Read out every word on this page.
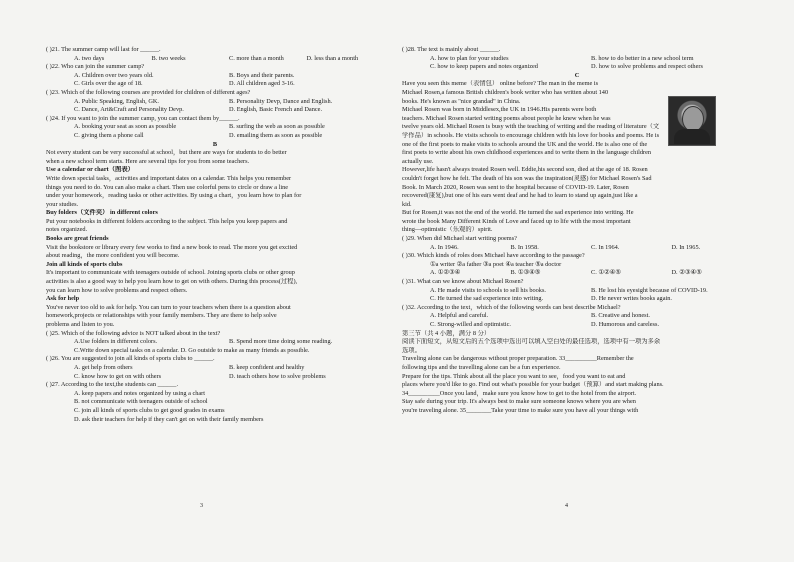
( )21. The summer camp will last for ______.
A. two days	B. two weeks	C. more than a month	D. less than a month
( )22. Who can join the summer camp?
A. Children over two years old.	B. Boys and their parents.
C. Girls over the age of 18.	D. All children aged 3-16.
( )23. Which of the following courses are provided for children of different ages?
A. Public Speaking, English, GK.	B. Personality Devp, Dance and English.
C. Dance, Art&Craft and Personality Devp.	D. English, Basic French and Dance.
( )24. If you want to join the summer camp, you can contact them by______.
A. booking your seat as soon as possible	B. surfing the web as soon as possible
C. giving them a phone call	D. emailing them as soon as possible
B
Not every student can be very successful at school，but there are ways for students to do better
when a new school term starts. Here are several tips for you from some teachers.
Use a calendar or chart（图表）
Write down special tasks，activities and important dates on a calendar. This helps you remember
things you need to do. You can also make a chart. Then use colorful pens to circle or draw a line
under your homework，reading tasks or other activities. By using a chart，you learn how to plan for
your studies.
Buy folders（文件夹） in different colors
Put your notebooks in different folders according to the subject. This helps you keep papers and
notes organized.
Books are great friends
Visit the bookstore or library every few works to find a new book to read. The more you get excited
about reading，the more confident you will become.
Join all kinds of sports clubs
It's important to communicate with teenagers outside of school. Joining sports clubs or other group
activities is also a good way to help you learn how to get on with others. During this process(过程),
you can learn how to solve problems and respect others.
Ask for help
You've never too old to ask for help. You can turn to your teachers when there is a question about
homework,projects or relationships with your family members. They are there to help solve
problems and listen to you.
( )25. Which of the following advice is NOT talked about in the text?
A.Use folders in different colors.	B. Spend more time doing some reading.
C.Write down special tasks on a calendar. D. Go outside to make as many friends as possible.
( )26. You are suggested to join all kinds of sports clubs to ______.
A. get help from others	B. keep confident and healthy
C. know how to get on with others	D. teach others how to solve problems
( )27. According to the text,the students can ______.
A. keep papers and notes organized by using a chart
B. not communicate with teenagers outside of school
C. join all kinds of sports clubs to get good grades in exams
D. ask their teachers for help if they can't get on with their family members
( )28. The text is mainly about ______.
A. how to plan for your studies	B. how to do better in a new school term
C. how to keep papers and notes organized	D. how to solve problems and respect others
C
Have you seen this meme（表情包） online before? The man in the meme is
Michael Rosen,a famous British children's book writer who has written about 140
books. He's known as "nice grandad" in China.
Michael Rosen was born in Middlesex,the UK in 1946.His parents were both
teachers. Michael Rosen started writing poems about people he knew when he was
twelve years old. Michael Rosen is busy with the teaching of writing and the reading of literature（文
学作品）in schools. He visits schools to encourage children with his love for books and poems. He is
one of the first poets to make visits to schools around the UK and the world. He is also one of the
first poets to write about his own childhood experiences and to write them in the language children
actually use.
However,life hasn't always treated Rosen well. Eddie,his second son, died at the age of 18. Rosen
couldn't forget how he felt. The death of his son was the inspiration(灵感) for Michael Rosen's Sad
Book. In March 2020, Rosen was sent to the hospital because of COVID-19. Later, Rosen
recovered(康复),but one of his ears went deaf and he had to learn to stand up again,just like a
kid.
But for Rosen,it was not the end of the world. He turned the sad experience into writing. He
wrote the book Many Different Kinds of Love and faced up to life with the most important
thing—optimistic（乐观的）spirit.
( )29. When did Michael start writing poems?
A. In 1946.	B. In 1958.	C. In 1964.	D. In 1965.
( )30. Which kinds of roles does Michael have according to the passage?
①a writer ②a father ③a poet ④a teacher ⑤a doctor
A. ①②③④	B. ①③④⑤	C. ①②④⑤	D. ②③④⑤
( )31. What can we know about Michael Rosen?
A. He made visits to schools to sell his books.	B. He lost his eyesight because of COVID-19.
C. He turned the sad experience into writing.	D. He never writes books again.
( )32. According to the text，which of the following words can best describe Michael?
A. Helpful and careful.	B. Creative and honest.
C. Strong-willed and optimistic.	D. Humorous and careless.
第三节（共 4 小题，满分 8 分）
阅读下面短文，从短文后的五个选项中选出可以填入空白处的最佳选项，选项中有一项为多余
选项。
Traveling alone can be dangerous without proper preparation. 33__________Remember the
following tips and the travelling alone can be a fun experience.
Prepare for the tips. Think about all the place you want to see，food you want to eat and
places where you'd like to go. Find out what's possible for your budget（预算）and start making plans.
34__________Once you land，make sure you know how to get to the hotel from the airport.
Stay safe during your trip. It's always best to make sure someone knows where you are when
you're traveling alone. 35________Take your time to make sure you have all your things with
3	4
